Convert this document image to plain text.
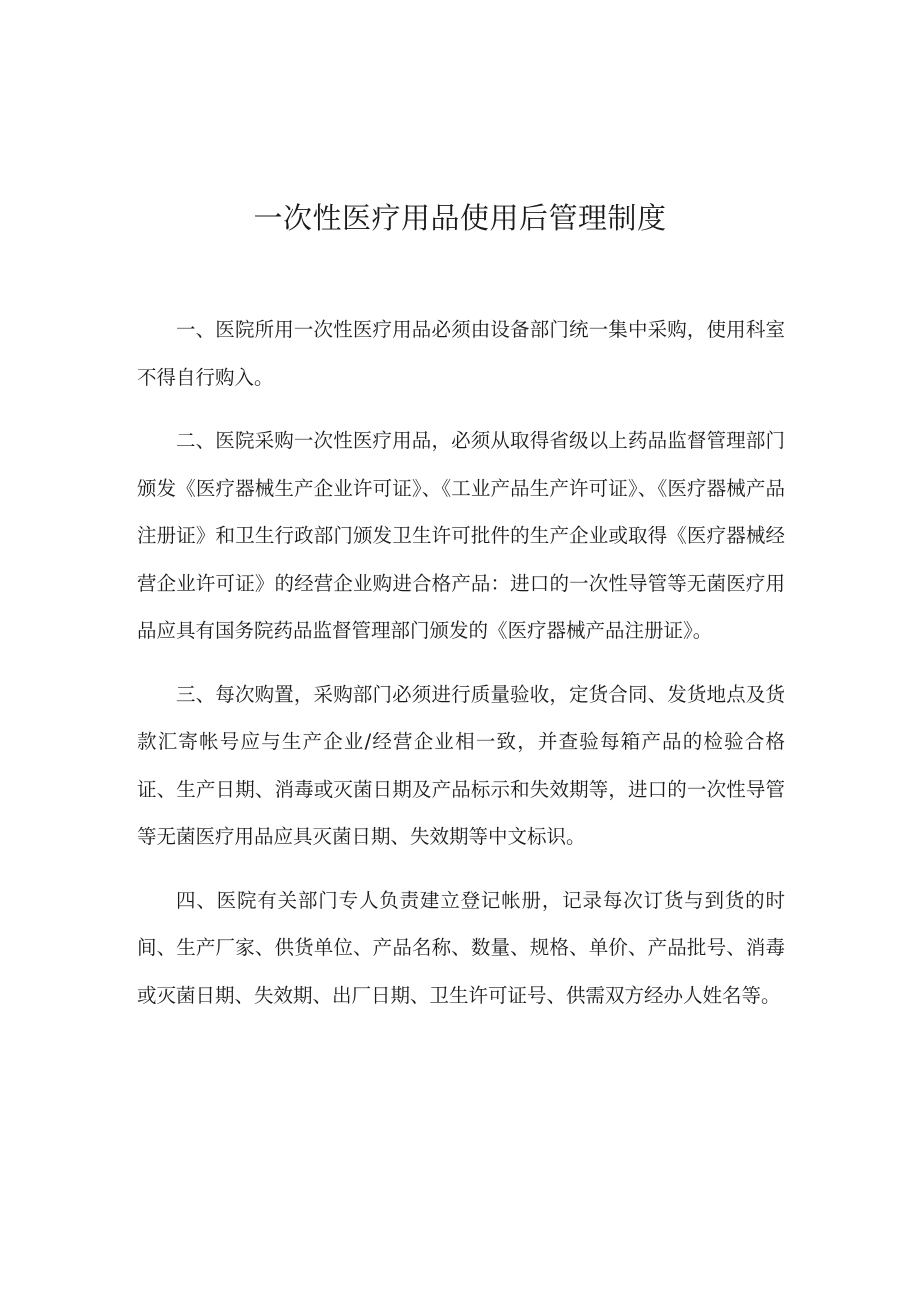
一次性医疗用品使用后管理制度

一、医院所用一次性医疗用品必须由设备部门统一集中采购，使用科室不得自行购入。

二、医院采购一次性医疗用品，必须从取得省级以上药品监督管理部门颁发《医疗器械生产企业许可证》、《工业产品生产许可证》、《医疗器械产品注册证》和卫生行政部门颁发卫生许可批件的生产企业或取得《医疗器械经营企业许可证》的经营企业购进合格产品：进口的一次性导管等无菌医疗用品应具有国务院药品监督管理部门颁发的《医疗器械产品注册证》。

三、每次购置，采购部门必须进行质量验收，定货合同、发货地点及货款汇寄帐号应与生产企业/经营企业相一致，并查验每箱产品的检验合格证、生产日期、消毒或灭菌日期及产品标示和失效期等，进口的一次性导管等无菌医疗用品应具灭菌日期、失效期等中文标识。

四、医院有关部门专人负责建立登记帐册，记录每次订货与到货的时间、生产厂家、供货单位、产品名称、数量、规格、单价、产品批号、消毒或灭菌日期、失效期、出厂日期、卫生许可证号、供需双方经办人姓名等。
